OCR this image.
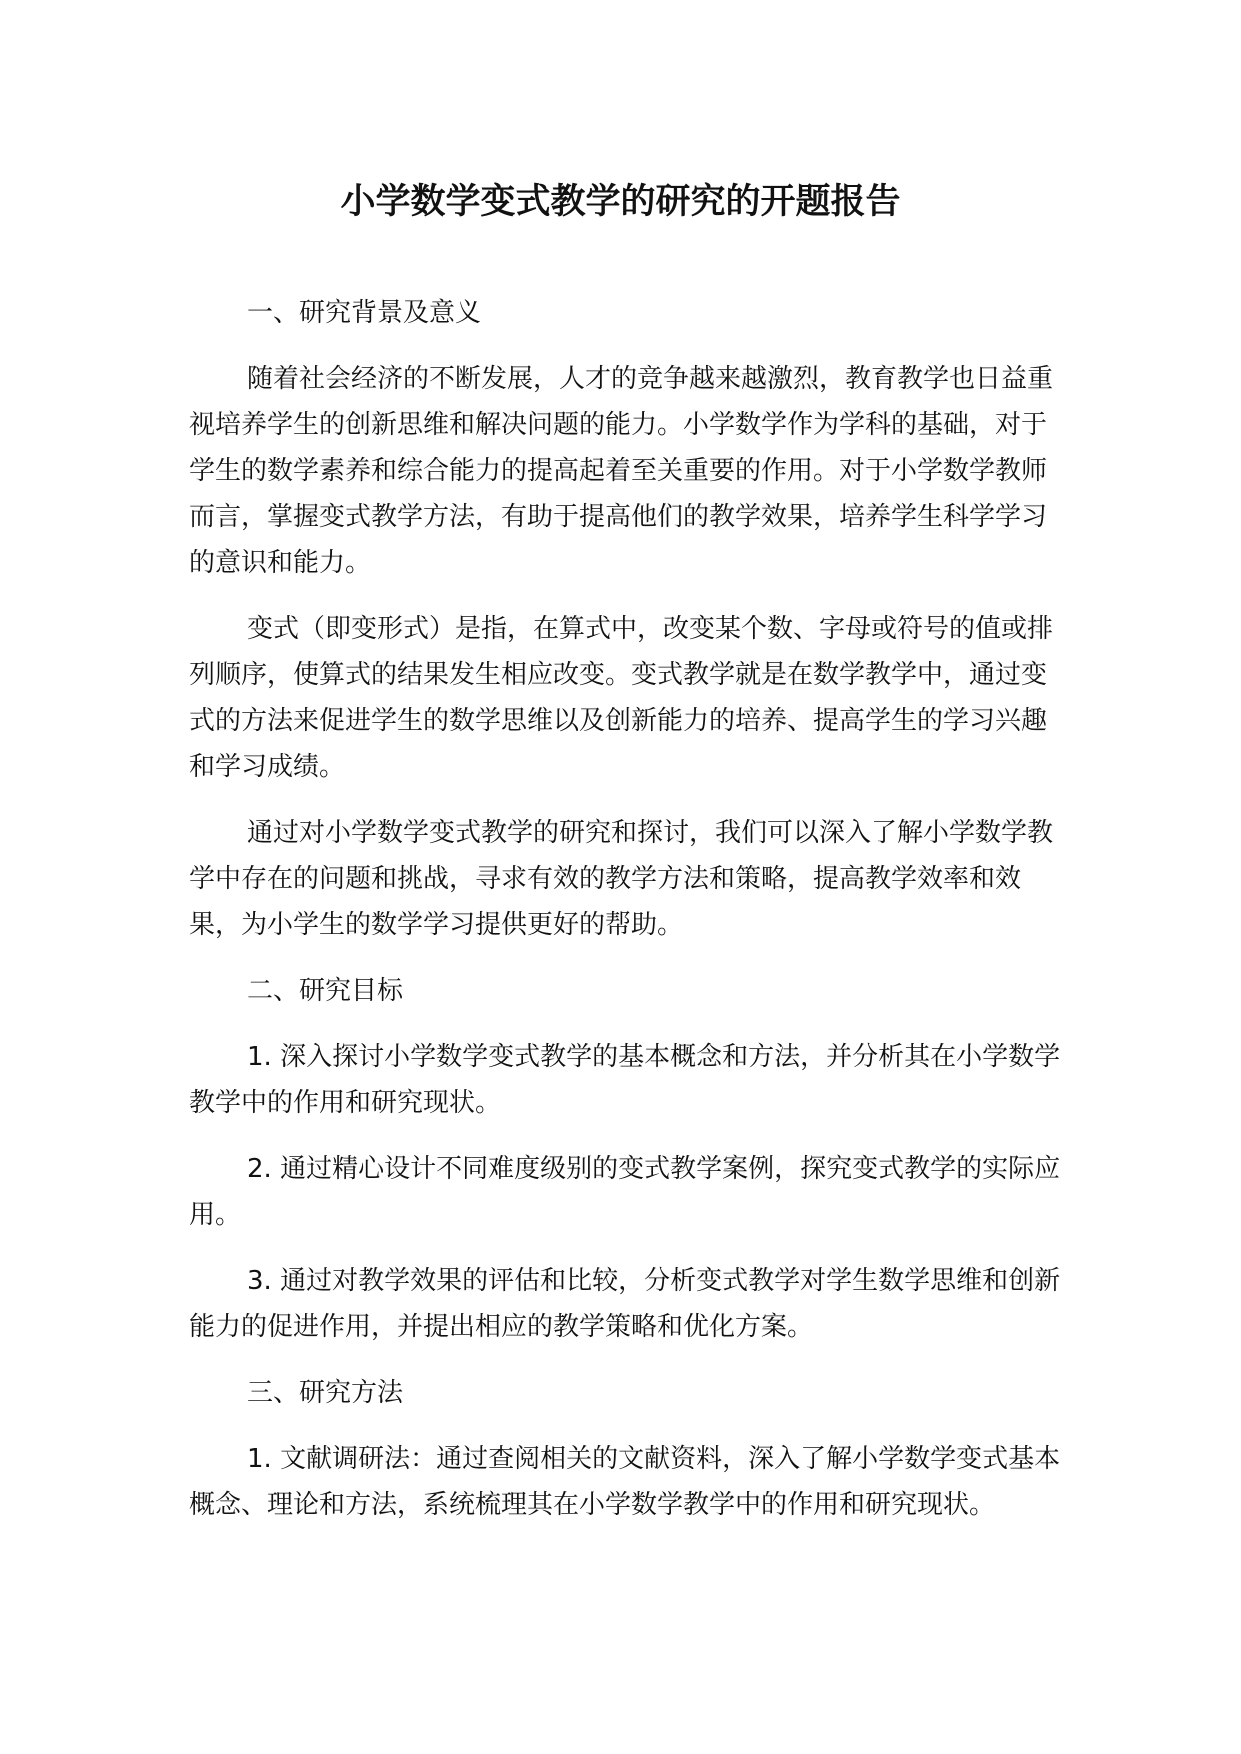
小学数学变式教学的研究的开题报告
一、研究背景及意义

随着社会经济的不断发展，人才的竞争越来越激烈，教育教学也日益重视培养学生的创新思维和解决问题的能力。小学数学作为学科的基础，对于学生的数学素养和综合能力的提高起着至关重要的作用。对于小学数学教师而言，掌握变式教学方法，有助于提高他们的教学效果，培养学生科学学习的意识和能力。

变式（即变形式）是指，在算式中，改变某个数、字母或符号的值或排列顺序，使算式的结果发生相应改变。变式教学就是在数学教学中，通过变式的方法来促进学生的数学思维以及创新能力的培养、提高学生的学习兴趣和学习成绩。

通过对小学数学变式教学的研究和探讨，我们可以深入了解小学数学教学中存在的问题和挑战，寻求有效的教学方法和策略，提高教学效率和效果，为小学生的数学学习提供更好的帮助。

二、研究目标

1. 深入探讨小学数学变式教学的基本概念和方法，并分析其在小学数学教学中的作用和研究现状。

2. 通过精心设计不同难度级别的变式教学案例，探究变式教学的实际应用。

3. 通过对教学效果的评估和比较，分析变式教学对学生数学思维和创新能力的促进作用，并提出相应的教学策略和优化方案。

三、研究方法

1. 文献调研法：通过查阅相关的文献资料，深入了解小学数学变式基本概念、理论和方法，系统梳理其在小学数学教学中的作用和研究现状。
